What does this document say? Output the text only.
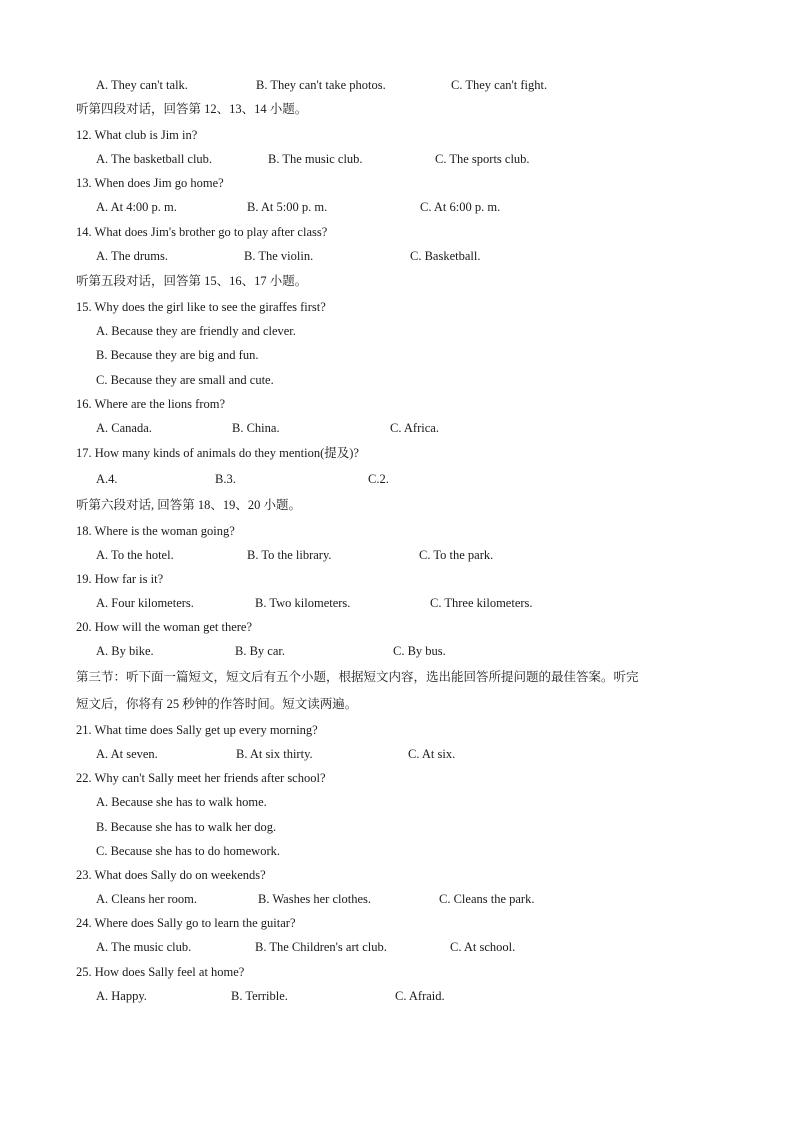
A. They can't talk.	B. They can't take photos.	C. They can't fight.
听第四段对话，回答第 12、13、14 小题。
12. What club is Jim in?
A. The basketball club.	B. The music club.	C. The sports club.
13. When does Jim go home?
A. At 4:00 p. m.	B. At 5:00 p. m.	C. At 6:00 p. m.
14. What does Jim's brother go to play after class?
A. The drums.	B. The violin.	C. Basketball.
听第五段对话，回答第 15、16、17 小题。
15. Why does the girl like to see the giraffes first?
A. Because they are friendly and clever.
B. Because they are big and fun.
C. Because they are small and cute.
16. Where are the lions from?
A. Canada.	B. China.	C. Africa.
17. How many kinds of animals do they mention(提及)?
A.4.	B.3.	C.2.
听第六段对话, 回答第 18、19、20 小题。
18. Where is the woman going?
A. To the hotel.	B. To the library.	C. To the park.
19. How far is it?
A. Four kilometers.	B. Two kilometers.	C. Three kilometers.
20. How will the woman get there?
A. By bike.	B. By car.	C. By bus.
第三节：听下面一篇短文，短文后有五个小题，根据短文内容，选出能回答所提问题的最佳答案。听完
短文后，你将有 25 秒钟的作答时间。短文读两遍。
21. What time does Sally get up every morning?
A. At seven.	B. At six thirty.	C. At six.
22. Why can't Sally meet her friends after school?
A. Because she has to walk home.
B. Because she has to walk her dog.
C. Because she has to do homework.
23. What does Sally do on weekends?
A. Cleans her room.	B. Washes her clothes.	C. Cleans the park.
24. Where does Sally go to learn the guitar?
A. The music club.	B. The Children's art club.	C. At school.
25. How does Sally feel at home?
A. Happy.	B. Terrible.	C. Afraid.
